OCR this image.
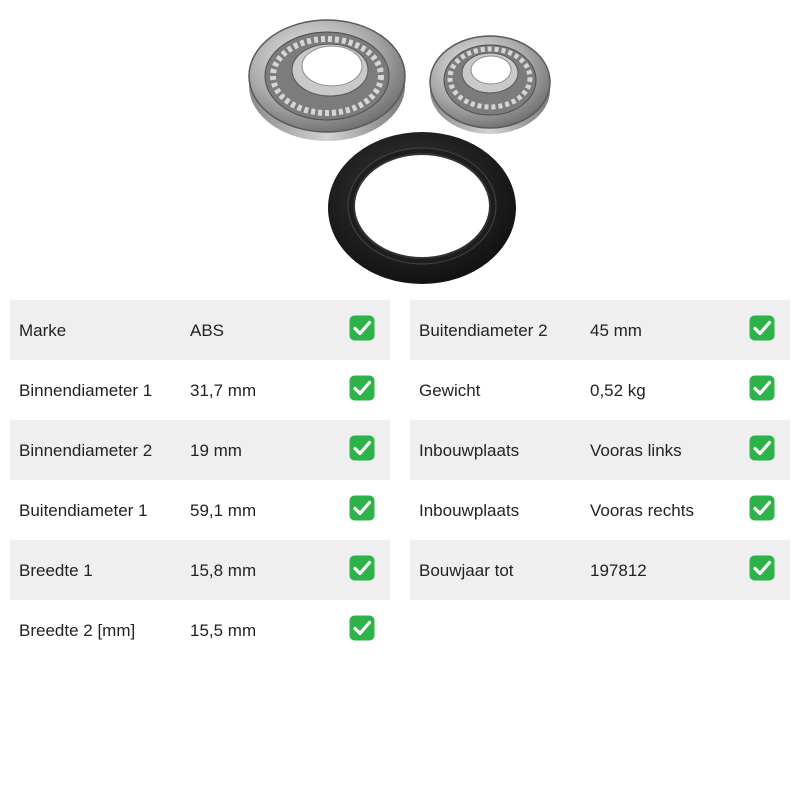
Marke	ABS
Binnendiameter 1 31,7 mm
Binnendiameter 2 19 mm
Buitendiameter 1 59,1 mm
Breedte 1	15,8 mm
Breedte 2 [mm]	15,5 mm
Buitendiameter 2 45 mm
Gewicht	0,52 kg
Inbouwplaats	Vooras links
Inbouwplaats	Vooras rechts
Bouwjaar tot	197812
